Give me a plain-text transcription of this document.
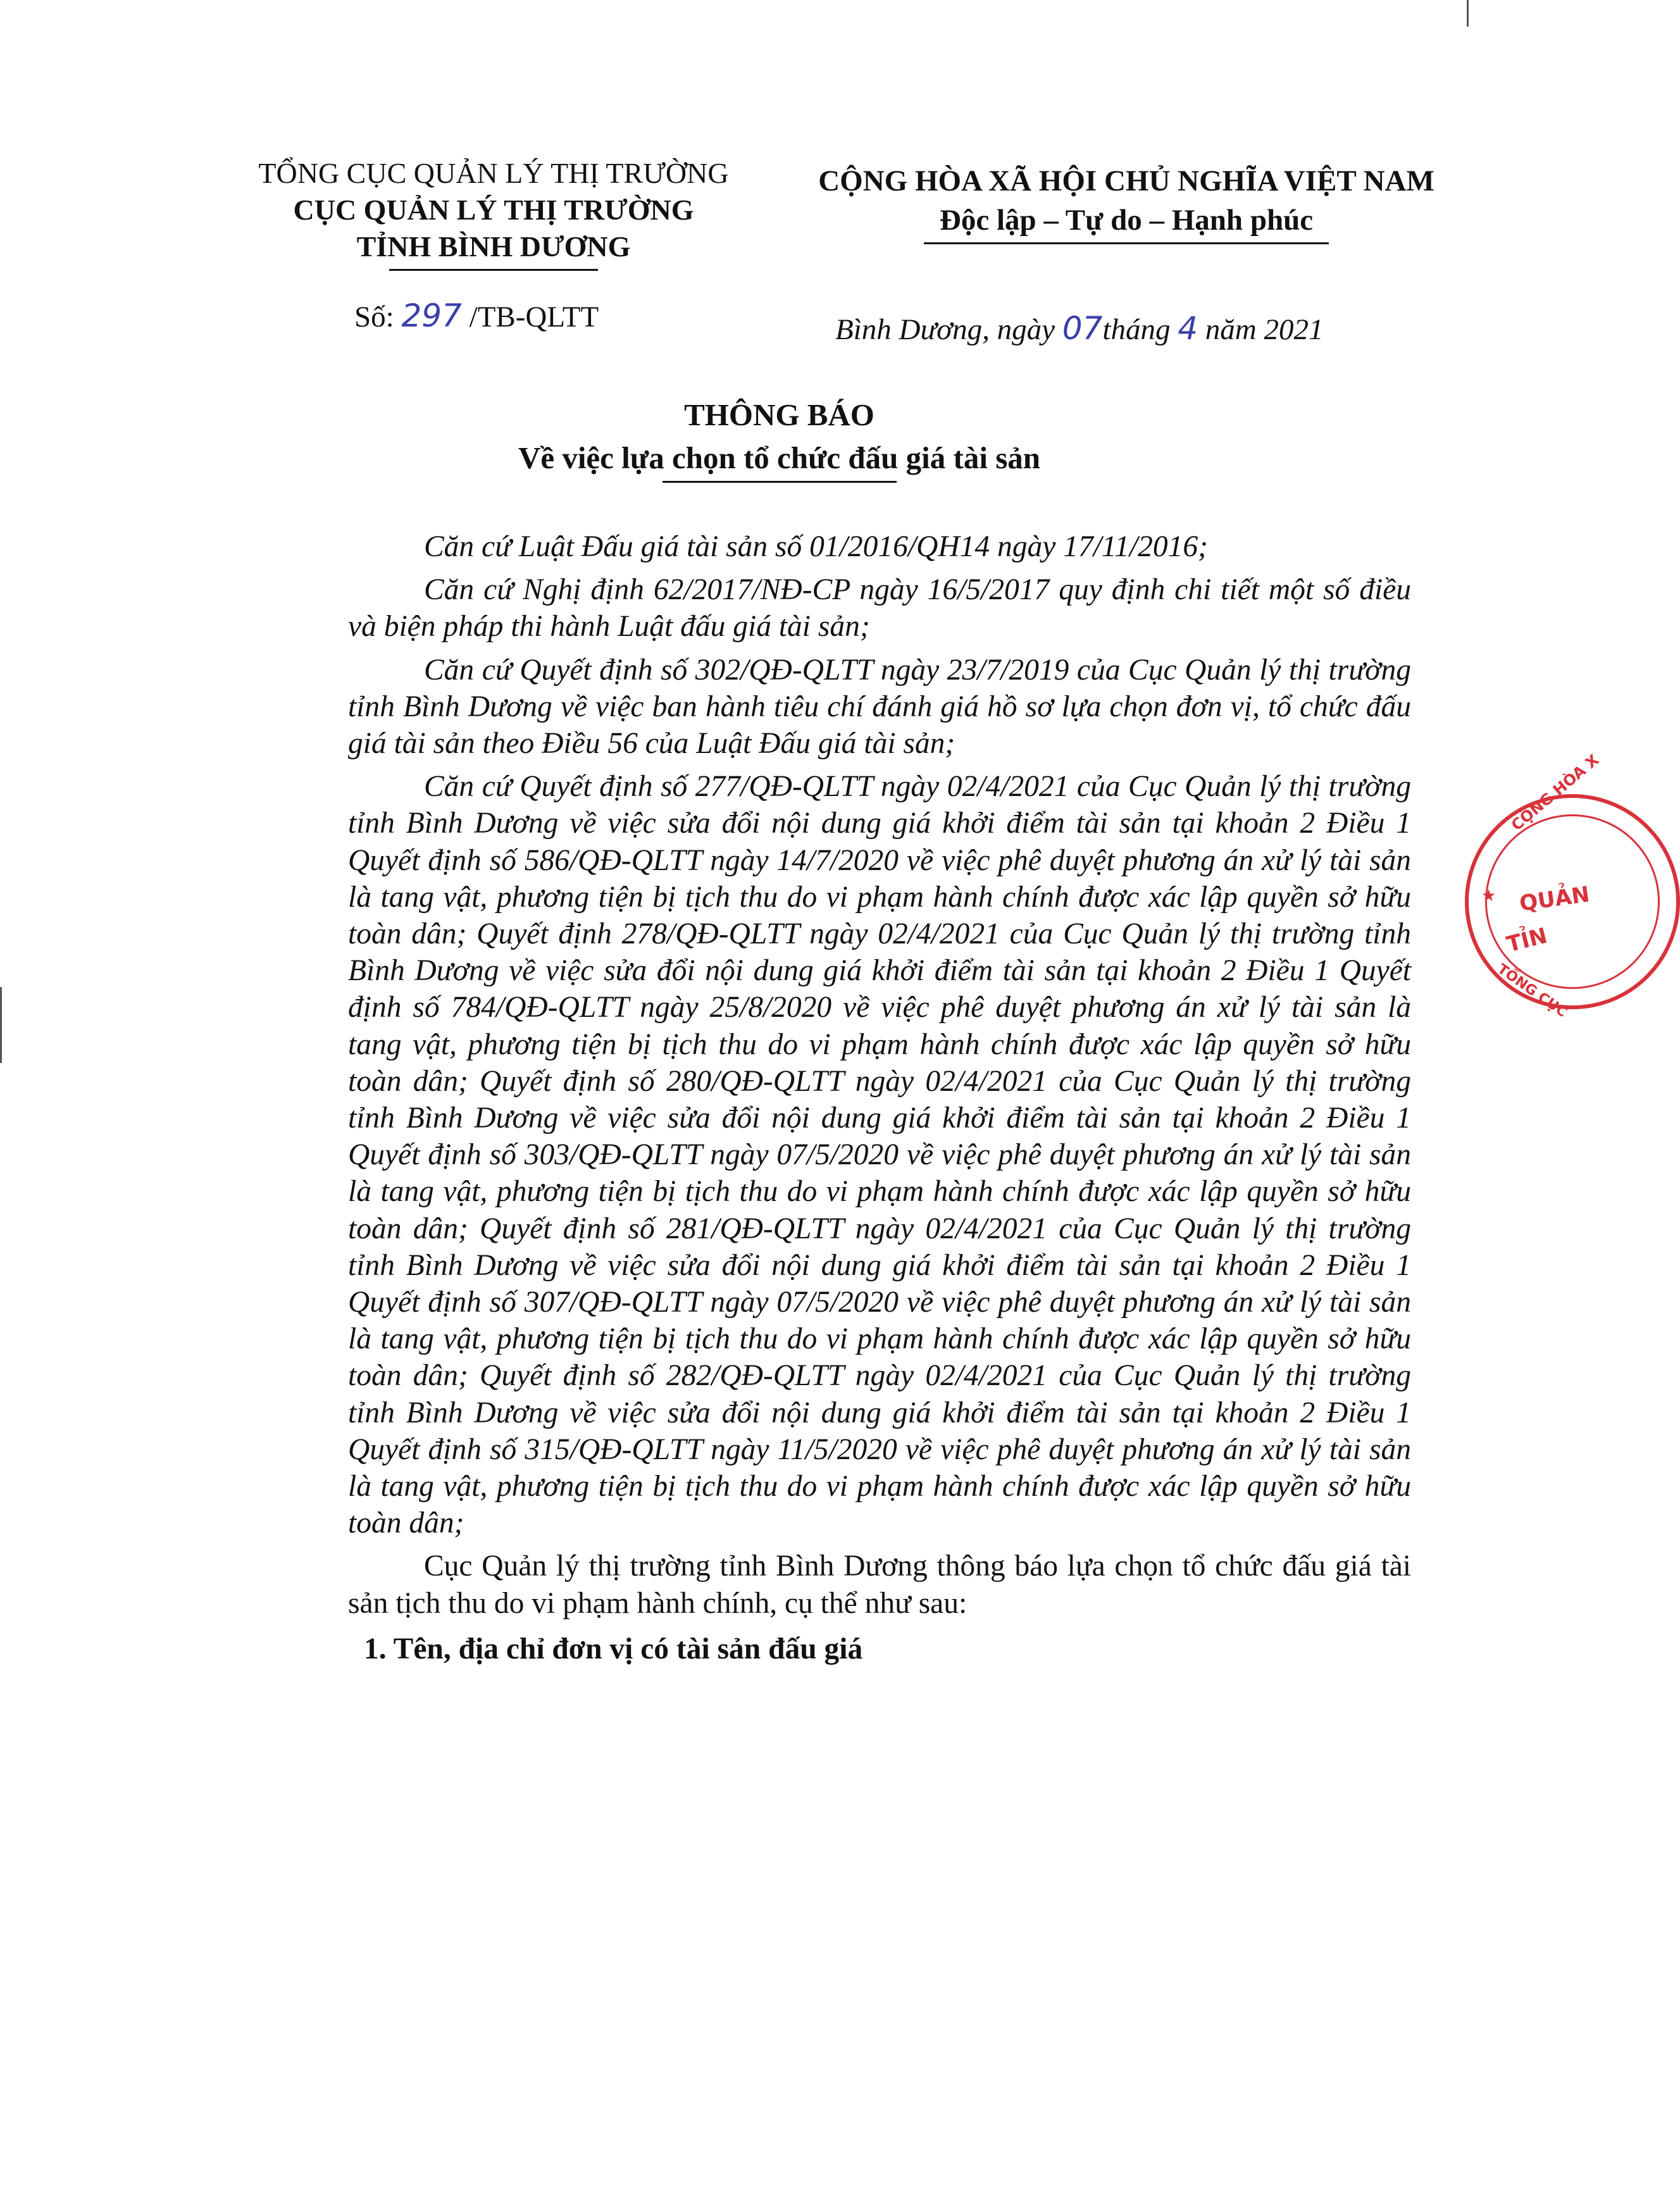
TỔNG CỤC QUẢN LÝ THỊ TRƯỜNG
CỤC QUẢN LÝ THỊ TRƯỜNG
TỈNH BÌNH DƯƠNG
CỘNG HÒA XÃ HỘI CHỦ NGHĨA VIỆT NAM
Độc lập – Tự do – Hạnh phúc
Số: 297 /TB-QLTT	Bình Dương, ngày 07tháng 4 năm 2021
THÔNG BÁO
Về việc lựa chọn tổ chức đấu giá tài sản

Căn cứ Luật Đấu giá tài sản số 01/2016/QH14 ngày 17/11/2016;

Căn cứ Nghị định 62/2017/NĐ-CP ngày 16/5/2017 quy định chi tiết một số điều và biện pháp thi hành Luật đấu giá tài sản;

Căn cứ Quyết định số 302/QĐ-QLTT ngày 23/7/2019 của Cục Quản lý thị trường tỉnh Bình Dương về việc ban hành tiêu chí đánh giá hồ sơ lựa chọn đơn vị, tổ chức đấu giá tài sản theo Điều 56 của Luật Đấu giá tài sản;

Căn cứ Quyết định số 277/QĐ-QLTT ngày 02/4/2021 của Cục Quản lý thị trường tỉnh Bình Dương về việc sửa đổi nội dung giá khởi điểm tài sản tại khoản 2 Điều 1 Quyết định số 586/QĐ-QLTT ngày 14/7/2020 về việc phê duyệt phương án xử lý tài sản là tang vật, phương tiện bị tịch thu do vi phạm hành chính được xác lập quyền sở hữu toàn dân; Quyết định 278/QĐ-QLTT ngày 02/4/2021 của Cục Quản lý thị trường tỉnh Bình Dương về việc sửa đổi nội dung giá khởi điểm tài sản tại khoản 2 Điều 1 Quyết định số 784/QĐ-QLTT ngày 25/8/2020 về việc phê duyệt phương án xử lý tài sản là tang vật, phương tiện bị tịch thu do vi phạm hành chính được xác lập quyền sở hữu toàn dân; Quyết định số 280/QĐ-QLTT ngày 02/4/2021 của Cục Quản lý thị trường tỉnh Bình Dương về việc sửa đổi nội dung giá khởi điểm tài sản tại khoản 2 Điều 1 Quyết định số 303/QĐ-QLTT ngày 07/5/2020 về việc phê duyệt phương án xử lý tài sản là tang vật, phương tiện bị tịch thu do vi phạm hành chính được xác lập quyền sở hữu toàn dân; Quyết định số 281/QĐ-QLTT ngày 02/4/2021 của Cục Quản lý thị trường tỉnh Bình Dương về việc sửa đổi nội dung giá khởi điểm tài sản tại khoản 2 Điều 1 Quyết định số 307/QĐ-QLTT ngày 07/5/2020 về việc phê duyệt phương án xử lý tài sản là tang vật, phương tiện bị tịch thu do vi phạm hành chính được xác lập quyền sở hữu toàn dân; Quyết định số 282/QĐ-QLTT ngày 02/4/2021 của Cục Quản lý thị trường tỉnh Bình Dương về việc sửa đổi nội dung giá khởi điểm tài sản tại khoản 2 Điều 1 Quyết định số 315/QĐ-QLTT ngày 11/5/2020 về việc phê duyệt phương án xử lý tài sản là tang vật, phương tiện bị tịch thu do vi phạm hành chính được xác lập quyền sở hữu toàn dân;

Cục Quản lý thị trường tỉnh Bình Dương thông báo lựa chọn tổ chức đấu giá tài sản tịch thu do vi phạm hành chính, cụ thể như sau:

1. Tên, địa chỉ đơn vị có tài sản đấu giá

CỘNG HÒA X
QUẢN
TỈN
TỔNG CỤC
★
